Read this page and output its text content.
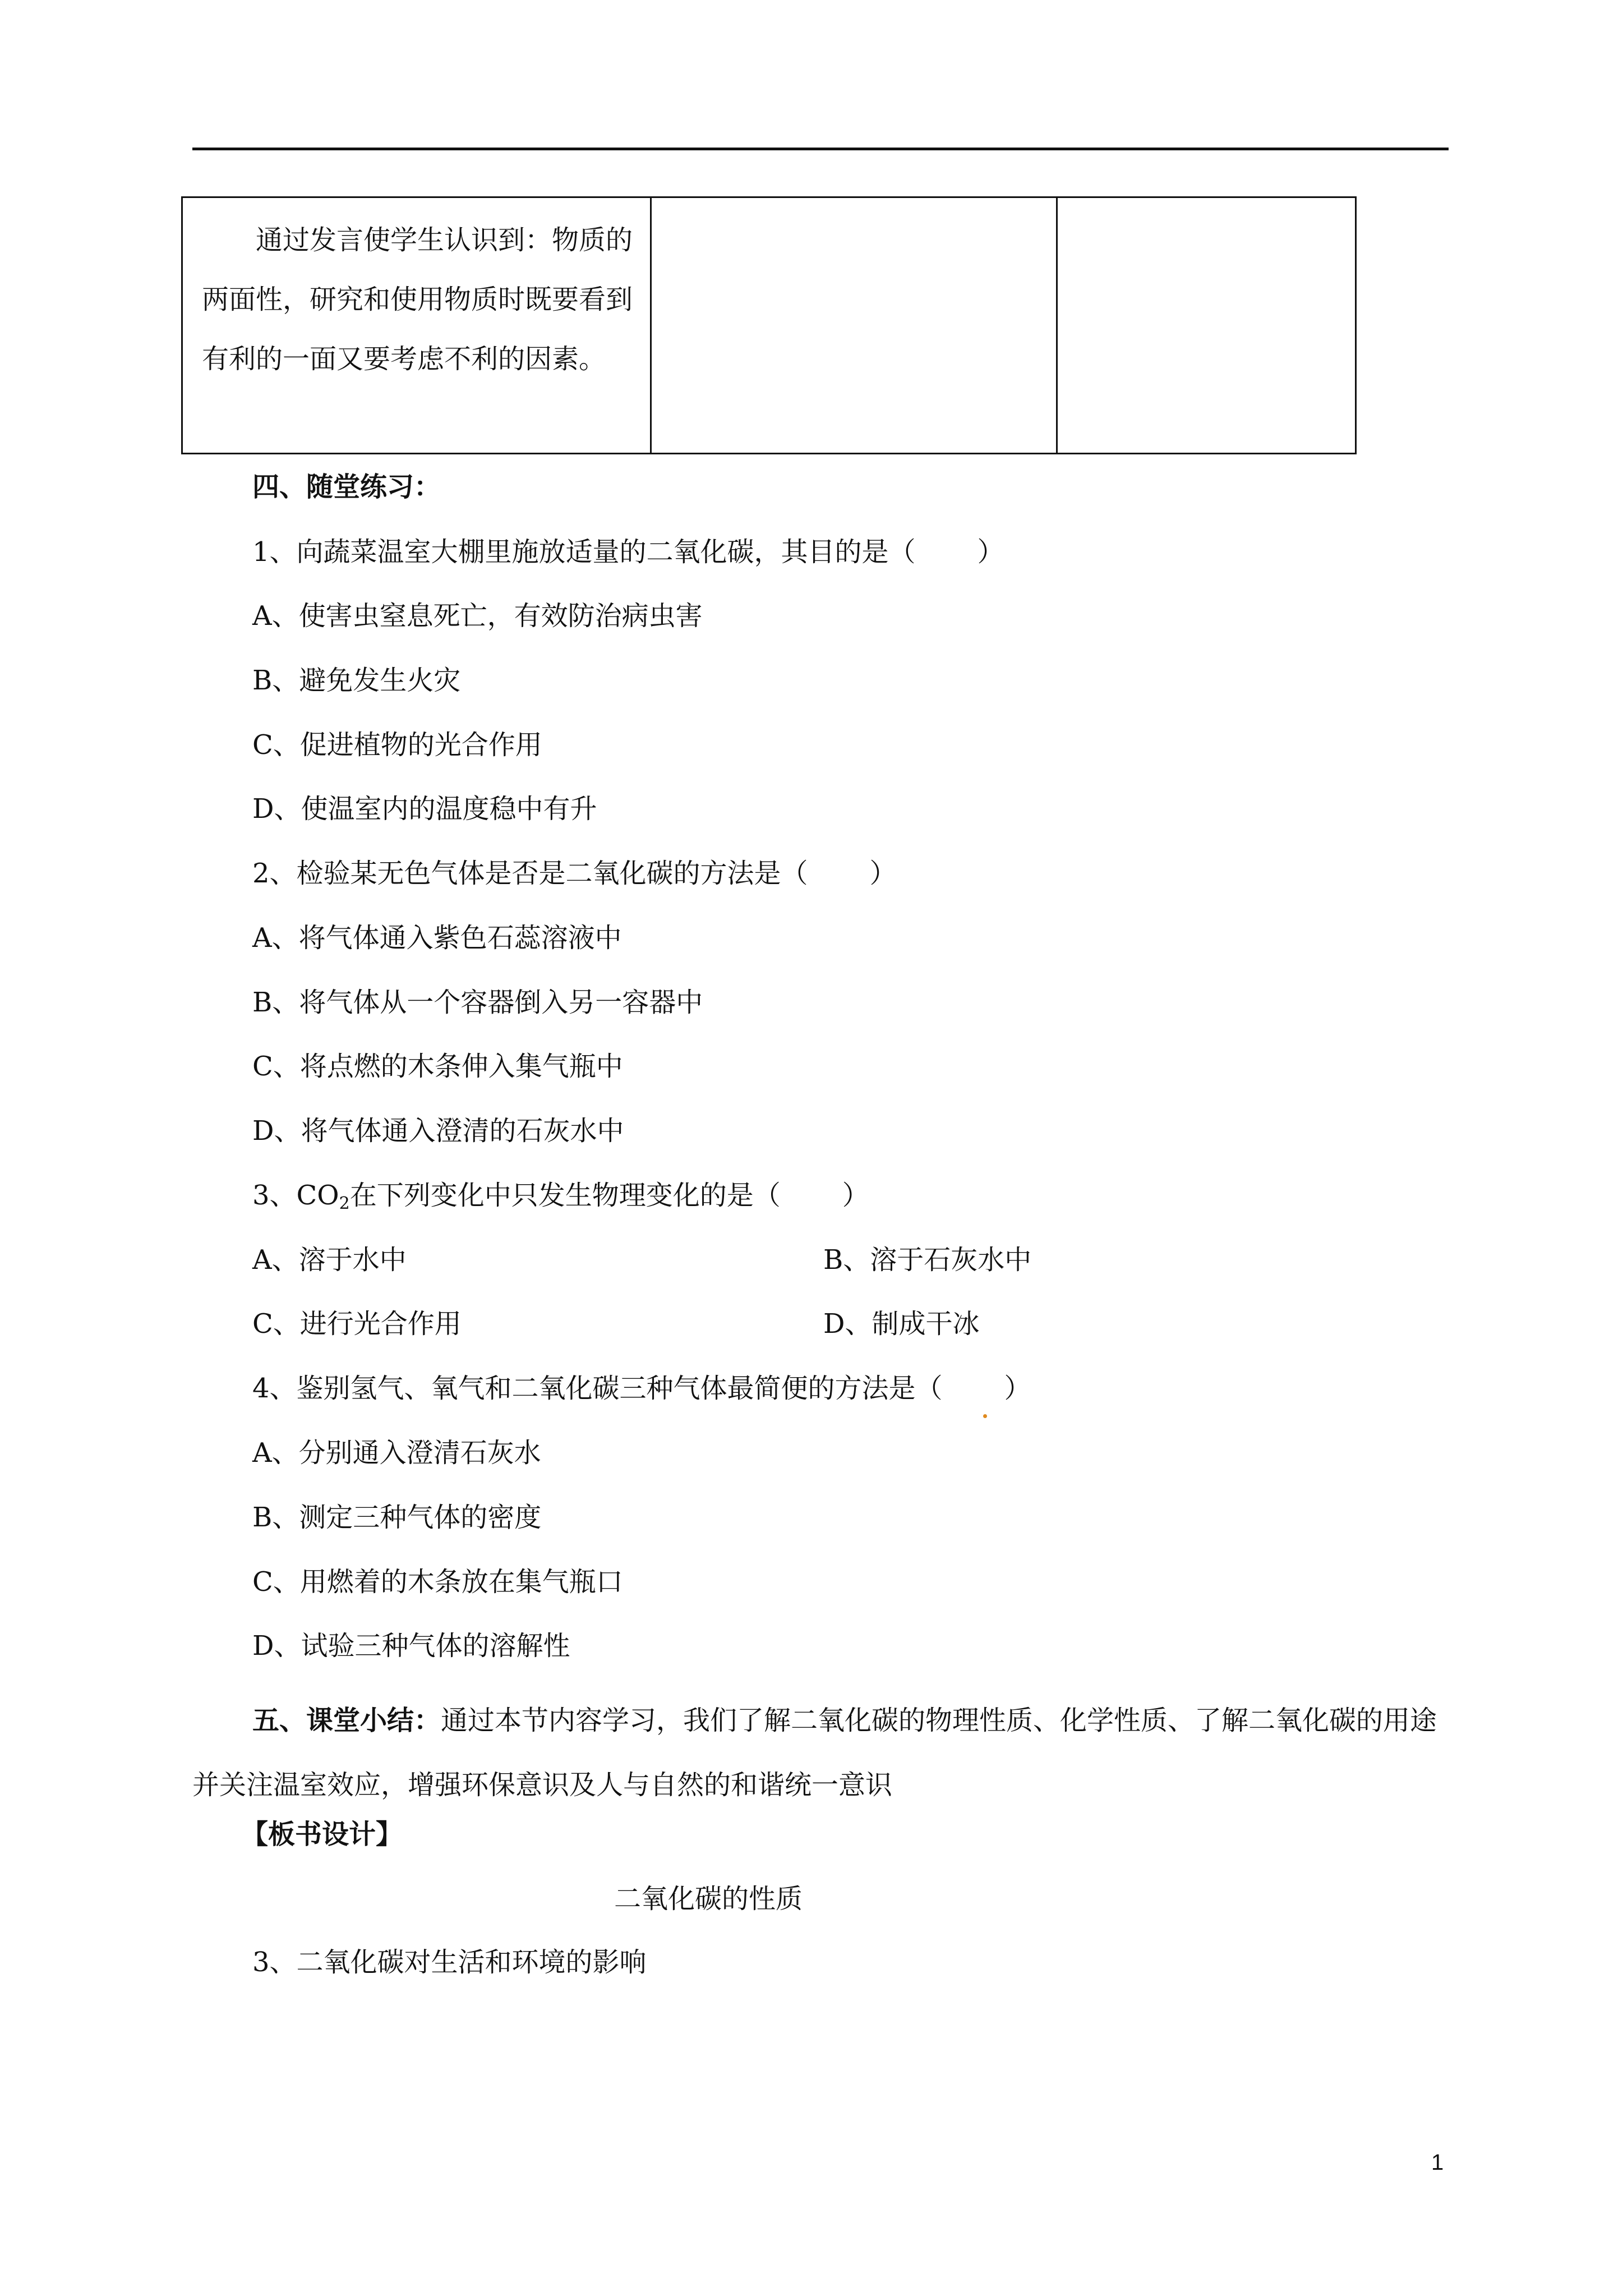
通过发言使学生认识到：物质的两面性，研究和使用物质时既要看到有利的一面又要考虑不利的因素。
四、随堂练习：
1、向蔬菜温室大棚里施放适量的二氧化碳，其目的是（ ）
A、使害虫窒息死亡，有效防治病虫害
B、避免发生火灾
C、促进植物的光合作用
D、使温室内的温度稳中有升
2、检验某无色气体是否是二氧化碳的方法是（ ）
A、将气体通入紫色石蕊溶液中
B、将气体从一个容器倒入另一容器中
C、将点燃的木条伸入集气瓶中
D、将气体通入澄清的石灰水中
3、$CO_2$在下列变化中只发生物理变化的是（ ）
A、溶于水中	B、溶于石灰水中
C、进行光合作用	D、制成干冰
4、鉴别氢气、氧气和二氧化碳三种气体最简便的方法是（ ）
A、分别通入澄清石灰水
B、测定三种气体的密度
C、用燃着的木条放在集气瓶口
D、试验三种气体的溶解性
五、课堂小结：通过本节内容学习，我们了解二氧化碳的物理性质、化学性质、了解二氧化碳的用途并关注温室效应，增强环保意识及人与自然的和谐统一意识
【板书设计】
二氧化碳的性质
3、二氧化碳对生活和环境的影响
1
